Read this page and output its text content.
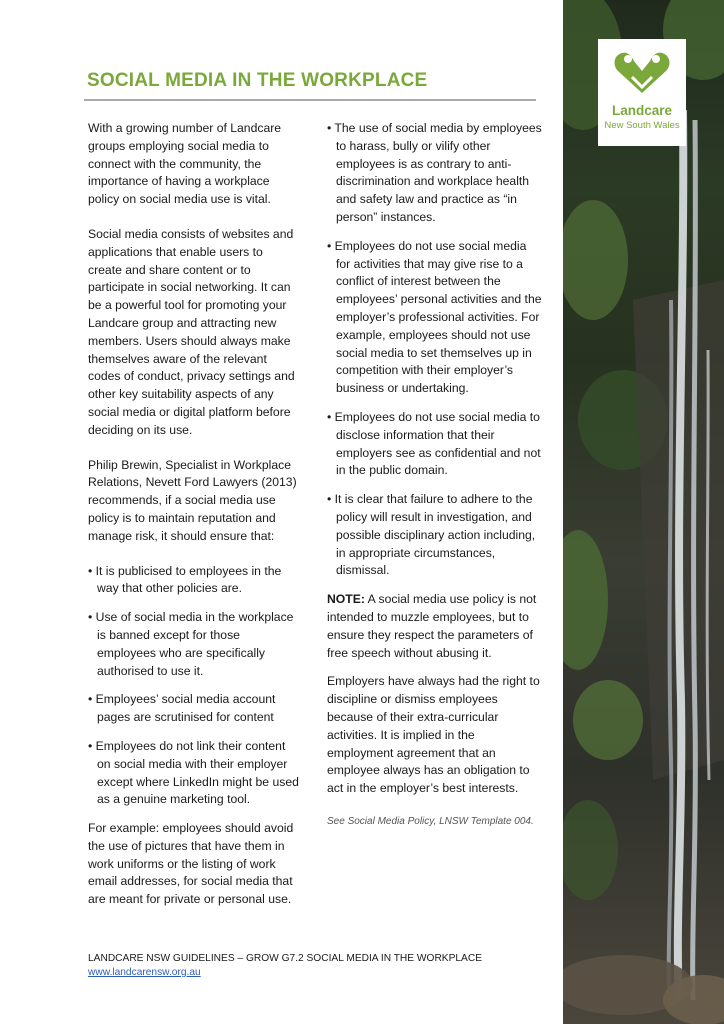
SOCIAL MEDIA IN THE WORKPLACE

With a growing number of Landcare groups employing social media to connect with the community, the importance of having a workplace policy on social media use is vital.

Social media consists of websites and applications that enable users to create and share content or to participate in social networking. It can be a powerful tool for promoting your Landcare group and attracting new members. Users should always make themselves aware of the relevant codes of conduct, privacy settings and other key suitability aspects of any social media or digital platform before deciding on its use.

Philip Brewin, Specialist in Workplace Relations, Nevett Ford Lawyers (2013) recommends, if a social media use policy is to maintain reputation and manage risk, it should ensure that:

• It is publicised to employees in the way that other policies are.

• Use of social media in the workplace is banned except for those employees who are specifically authorised to use it.

• Employees’ social media account pages are scrutinised for content

• Employees do not link their content on social media with their employer except where LinkedIn might be used as a genuine marketing tool.

For example: employees should avoid the use of pictures that have them in work uniforms or the listing of work email addresses, for social media that are meant for private or personal use.

• The use of social media by employees to harass, bully or vilify other employees is as contrary to anti-discrimination and workplace health and safety law and practice as “in person” instances.

• Employees do not use social media for activities that may give rise to a conflict of interest between the employees’ personal activities and the employer’s professional activities. For example, employees should not use social media to set themselves up in competition with their employer’s business or undertaking.

• Employees do not use social media to disclose information that their employers see as confidential and not in the public domain.

• It is clear that failure to adhere to the policy will result in investigation, and possible disciplinary action including, in appropriate circumstances, dismissal.

NOTE: A social media use policy is not intended to muzzle employees, but to ensure they respect the parameters of free speech without abusing it.

Employers have always had the right to discipline or dismiss employees because of their extra-curricular activities. It is implied in the employment agreement that an employee always has an obligation to act in the employer’s best interests.

See Social Media Policy, LNSW Template 004.

LANDCARE NSW GUIDELINES – GROW G7.2 SOCIAL MEDIA IN THE WORKPLACE
www.landcarensw.org.au
Landcare
New South Wales
